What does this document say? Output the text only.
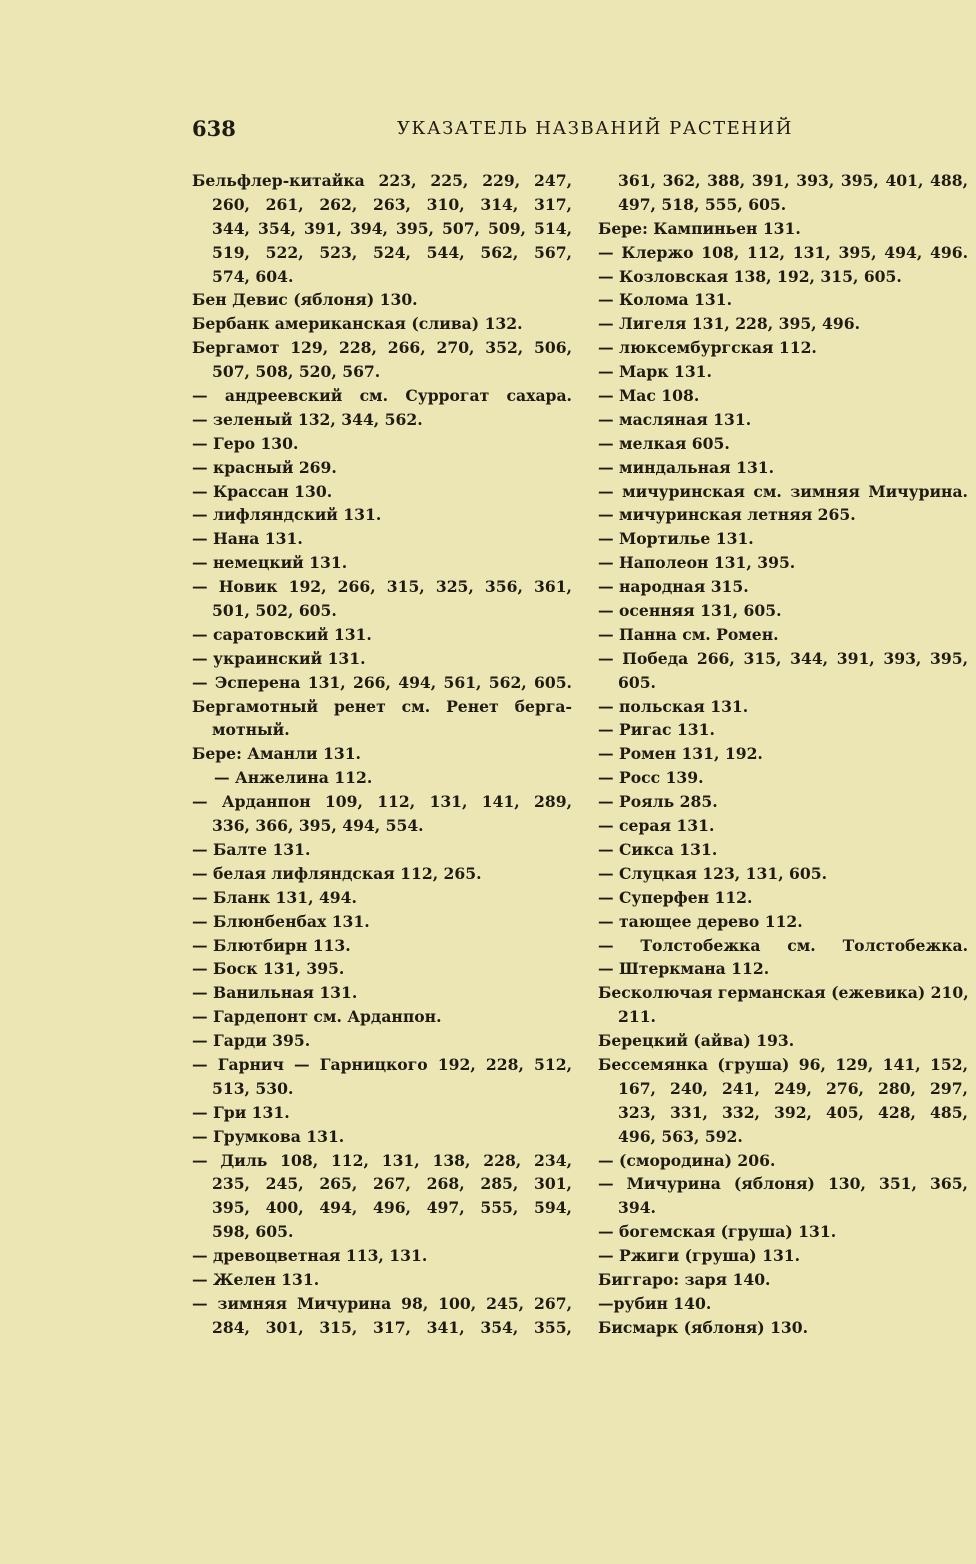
638	УКАЗАТЕЛЬ НАЗВАНИЙ РАСТЕНИЙ
Бельфлер-китайка 223, 225, 229, 247,
260, 261, 262, 263, 310, 314, 317,
344, 354, 391, 394, 395, 507, 509, 514,
519, 522, 523, 524, 544, 562, 567,
574, 604.
Бен Девис (яблоня) 130.
Бербанк американская (слива) 132.
Бергамот 129, 228, 266, 270, 352, 506,
507, 508, 520, 567.
— андреевский см. Суррогат сахара.
— зеленый 132, 344, 562.
— Геро 130.
— красный 269.
— Крассан 130.
— лифляндский 131.
— Нана 131.
— немецкий 131.
— Новик 192, 266, 315, 325, 356, 361,
501, 502, 605.
— саратовский 131.
— украинский 131.
— Эсперена 131, 266, 494, 561, 562, 605.
Бергамотный ренет см. Ренет берга-
мотный.
Бере: Аманли 131.
— Анжелина 112.
— Арданпон 109, 112, 131, 141, 289,
336, 366, 395, 494, 554.
— Балте 131.
— белая лифляндская 112, 265.
— Бланк 131, 494.
— Блюнбенбах 131.
— Блютбирн 113.
— Боск 131, 395.
— Ванильная 131.
— Гардепонт см. Арданпон.
— Гарди 395.
— Гарнич — Гарницкого 192, 228, 512,
513, 530.
— Гри 131.
— Грумкова 131.
— Диль 108, 112, 131, 138, 228, 234,
235, 245, 265, 267, 268, 285, 301,
395, 400, 494, 496, 497, 555, 594,
598, 605.
— древоцветная 113, 131.
— Желен 131.
— зимняя Мичурина 98, 100, 245, 267,
284, 301, 315, 317, 341, 354, 355,
361, 362, 388, 391, 393, 395, 401, 488,
497, 518, 555, 605.
Бере: Кампиньен 131.
— Клержо 108, 112, 131, 395, 494, 496.
— Козловская 138, 192, 315, 605.
— Колома 131.
— Лигеля 131, 228, 395, 496.
— люксембургская 112.
— Марк 131.
— Мас 108.
— масляная 131.
— мелкая 605.
— миндальная 131.
— мичуринская см. зимняя Мичурина.
— мичуринская летняя 265.
— Мортилье 131.
— Наполеон 131, 395.
— народная 315.
— осенняя 131, 605.
— Панна см. Ромен.
— Победа 266, 315, 344, 391, 393, 395,
605.
— польская 131.
— Ригас 131.
— Ромен 131, 192.
— Росс 139.
— Рояль 285.
— серая 131.
— Сикса 131.
— Слуцкая 123, 131, 605.
— Суперфен 112.
— тающее дерево 112.
— Толстобежка см. Толстобежка.
— Штеркмана 112.
Бесколючая германская (ежевика) 210,
211.
Берецкий (айва) 193.
Бессемянка (груша) 96, 129, 141, 152,
167, 240, 241, 249, 276, 280, 297,
323, 331, 332, 392, 405, 428, 485,
496, 563, 592.
— (смородина) 206.
— Мичурина (яблоня) 130, 351, 365,
394.
— богемская (груша) 131.
— Ржиги (груша) 131.
Биггаро: заря 140.
—рубин 140.
Бисмарк (яблоня) 130.
